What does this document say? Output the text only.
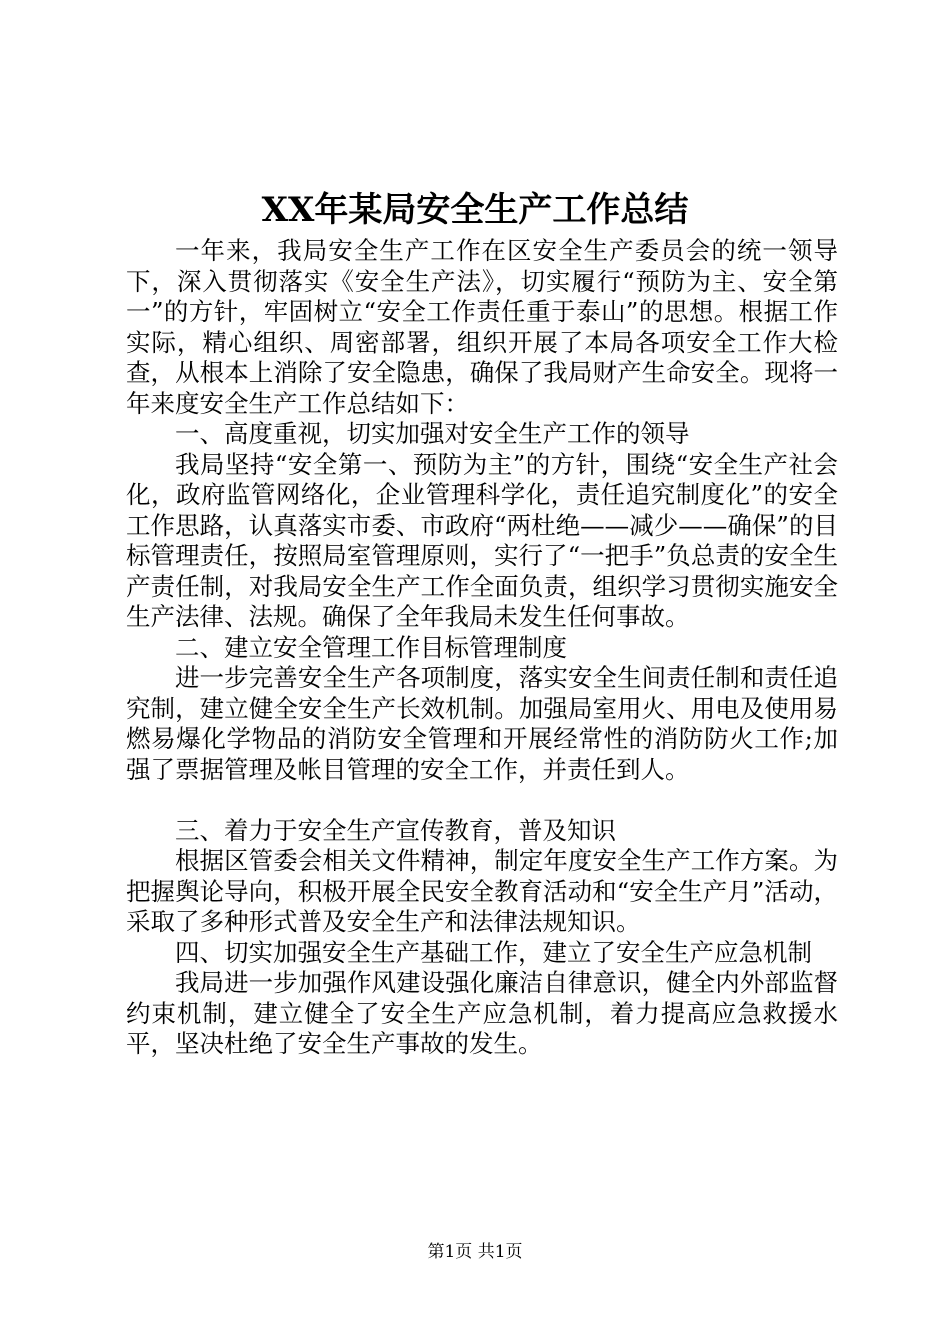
XX年某局安全生产工作总结

一年来，我局安全生产工作在区安全生产委员会的统一领导下，深入贯彻落实《安全生产法》，切实履行“预防为主、安全第一”的方针，牢固树立“安全工作责任重于泰山”的思想。根据工作实际，精心组织、周密部署，组织开展了本局各项安全工作大检查，从根本上消除了安全隐患，确保了我局财产生命安全。现将一年来度安全生产工作总结如下：

一、高度重视，切实加强对安全生产工作的领导

我局坚持“安全第一、预防为主”的方针，围绕“安全生产社会化，政府监管网络化，企业管理科学化，责任追究制度化”的安全工作思路，认真落实市委、市政府“两杜绝——减少——确保”的目标管理责任，按照局室管理原则，实行了“一把手”负总责的安全生产责任制，对我局安全生产工作全面负责，组织学习贯彻实施安全生产法律、法规。确保了全年我局未发生任何事故。

二、建立安全管理工作目标管理制度

进一步完善安全生产各项制度，落实安全生间责任制和责任追究制，建立健全安全生产长效机制。加强局室用火、用电及使用易燃易爆化学物品的消防安全管理和开展经常性的消防防火工作;加强了票据管理及帐目管理的安全工作，并责任到人。

三、着力于安全生产宣传教育，普及知识

根据区管委会相关文件精神，制定年度安全生产工作方案。为把握舆论导向，积极开展全民安全教育活动和“安全生产月”活动，采取了多种形式普及安全生产和法律法规知识。

四、切实加强安全生产基础工作，建立了安全生产应急机制

我局进一步加强作风建设强化廉洁自律意识，健全内外部监督约束机制，建立健全了安全生产应急机制，着力提高应急救援水平，坚决杜绝了安全生产事故的发生。

第1页 共1页
